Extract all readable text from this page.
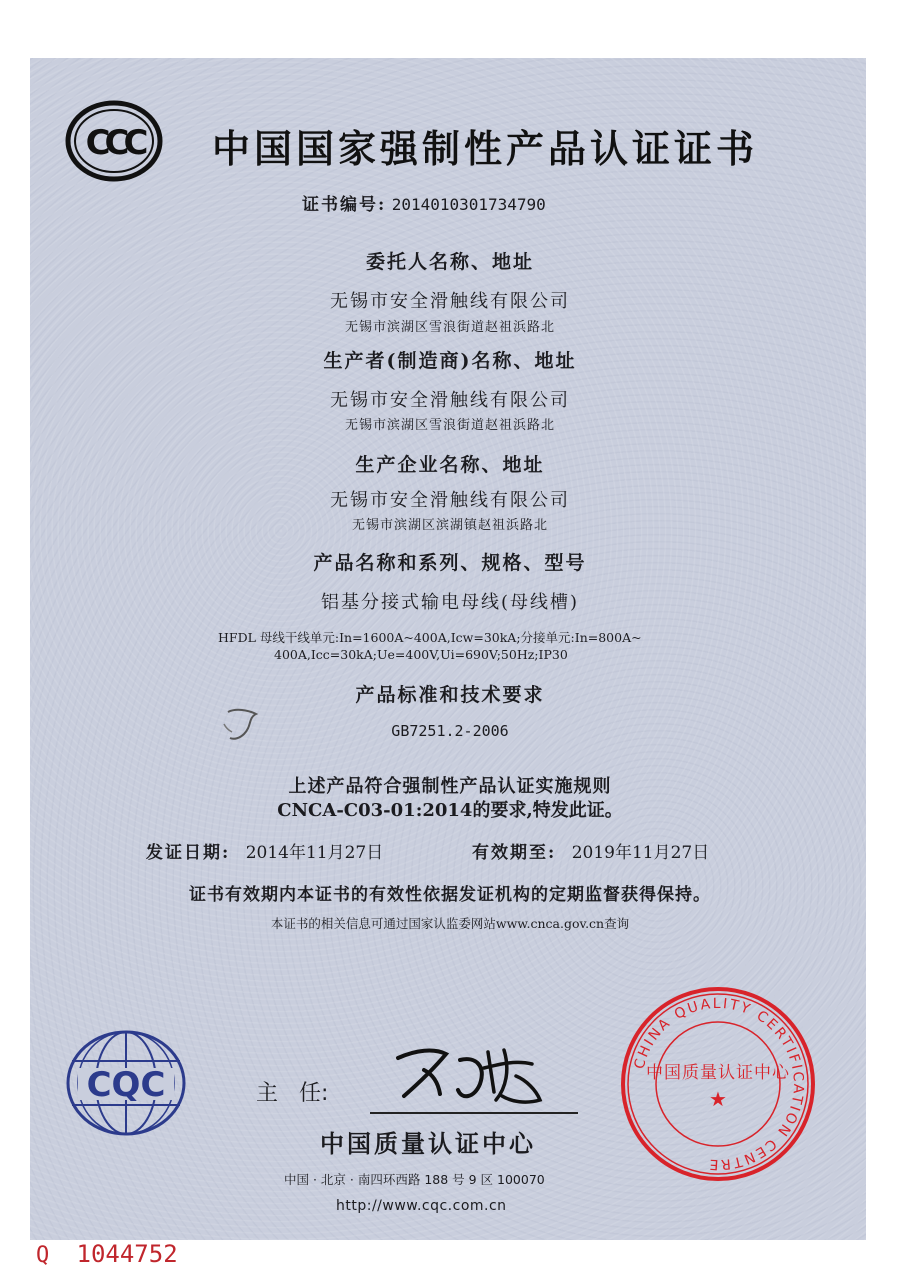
CCC 中国国家强制性产品认证证书
证书编号: 2014010301734790
委托人名称、地址
无锡市安全滑触线有限公司
无锡市滨湖区雪浪街道赵祖浜路北
生产者(制造商)名称、地址
无锡市安全滑触线有限公司
无锡市滨湖区雪浪街道赵祖浜路北
生产企业名称、地址
无锡市安全滑触线有限公司
无锡市滨湖区滨湖镇赵祖浜路北
产品名称和系列、规格、型号
铝基分接式输电母线(母线槽)
HFDL 母线干线单元:In=1600A~400A,Icw=30kA;分接单元:In=800A~
400A,Icc=30kA;Ue=400V,Ui=690V;50Hz;IP30
产品标准和技术要求
GB7251.2-2006
上述产品符合强制性产品认证实施规则
CNCA-C03-01:2014的要求,特发此证。
发证日期: 2014年11月27日	有效期至: 2019年11月27日
证书有效期内本证书的有效性依据发证机构的定期监督获得保持。
本证书的相关信息可通过国家认监委网站www.cnca.gov.cn查询
CQC	主   任:
中国质量认证中心
中国 · 北京 · 南四环西路 188 号 9 区 100070
http://www.cqc.com.cn
CHINA QUALITY CERTIFICATION CENTRE
中国质量认证中心
★
Q 1044752
